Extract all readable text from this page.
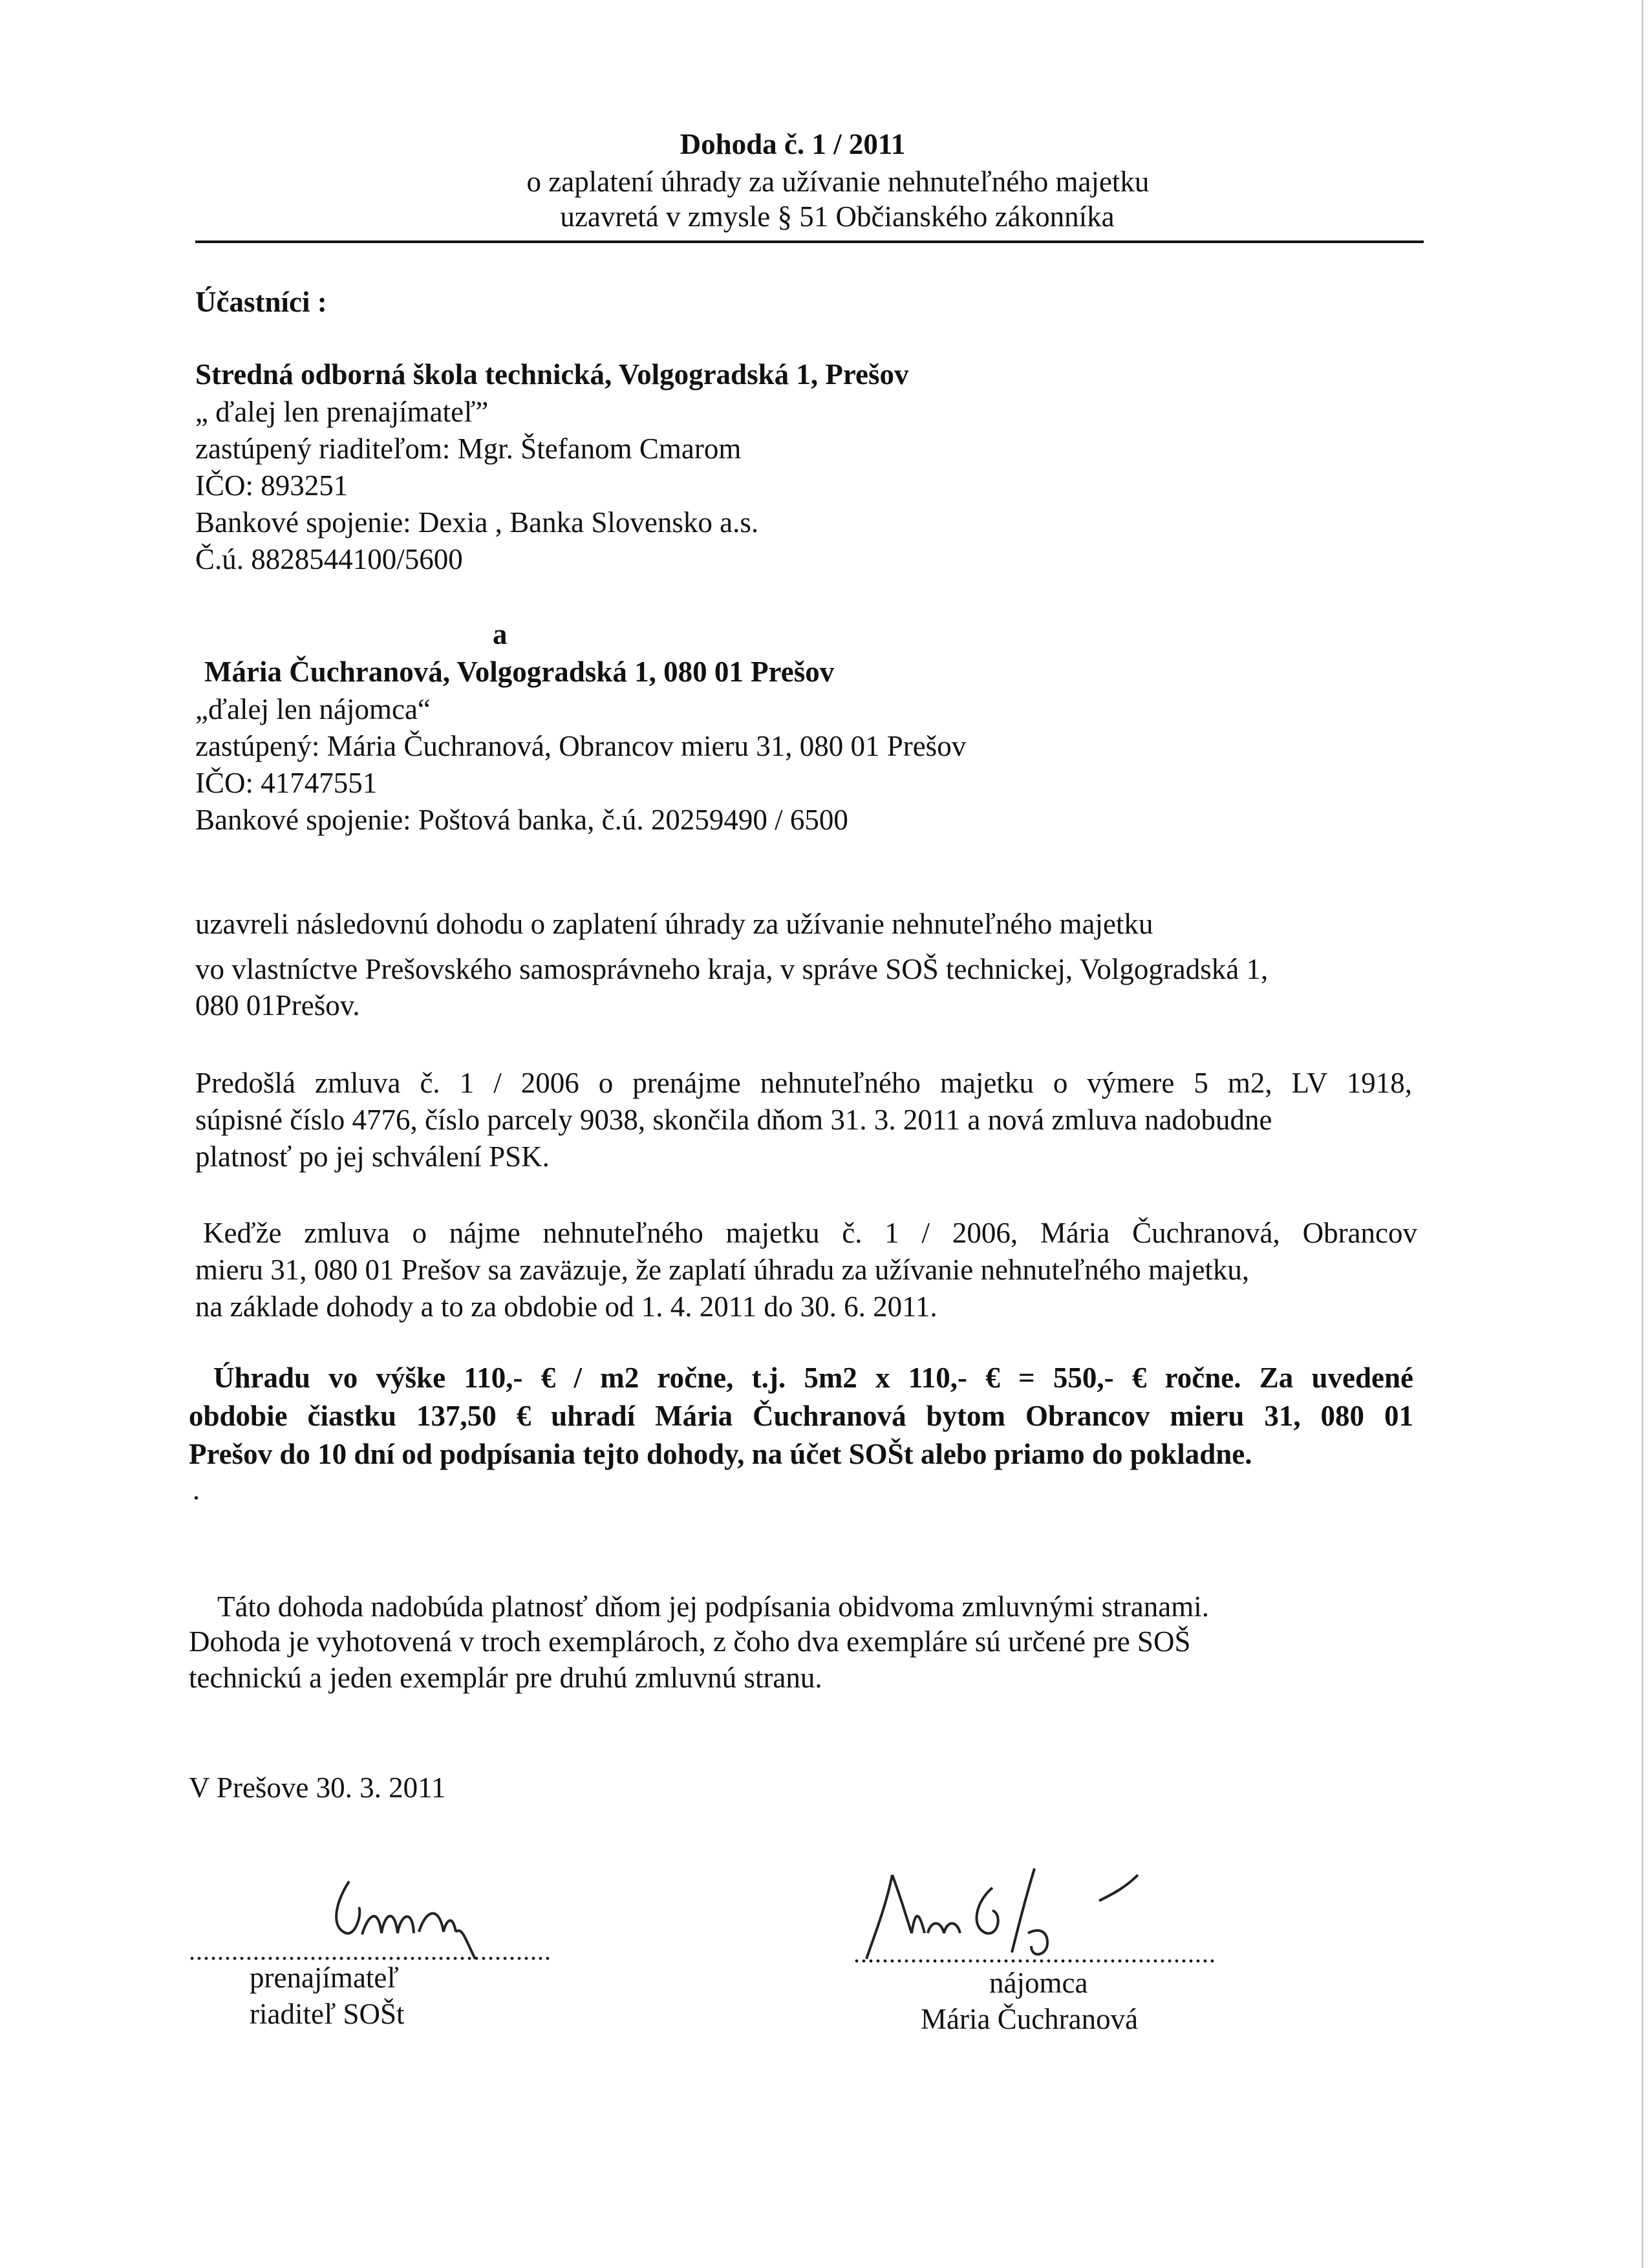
Dohoda č. 1 / 2011
o zaplatení úhrady za užívanie nehnuteľného majetku
uzavretá v zmysle § 51 Občianského zákonníka
Účastníci :
Stredná odborná škola technická, Volgogradská 1, Prešov
„ ďalej len prenajímateľ”
zastúpený riaditeľom: Mgr. Štefanom Cmarom
IČO: 893251
Bankové spojenie: Dexia , Banka Slovensko a.s.
Č.ú. 8828544100/5600
a
Mária Čuchranová, Volgogradská 1, 080 01 Prešov
„ďalej len nájomca“
zastúpený: Mária Čuchranová, Obrancov mieru 31, 080 01 Prešov
IČO: 41747551
Bankové spojenie: Poštová banka, č.ú. 20259490 / 6500
uzavreli následovnú dohodu o zaplatení úhrady za užívanie nehnuteľného majetku
vo vlastníctve Prešovského samosprávneho kraja, v správe SOŠ technickej, Volgogradská 1,
080 01Prešov.
Predošlá zmluva č. 1 / 2006 o prenájme nehnuteľného majetku o výmere 5 m2, LV 1918,
súpisné číslo 4776, číslo parcely 9038, skončila dňom 31. 3. 2011 a nová zmluva nadobudne
platnosť po jej schválení PSK.
Keďže zmluva o nájme nehnuteľného majetku č. 1 / 2006, Mária Čuchranová, Obrancov
mieru 31, 080 01 Prešov sa zaväzuje, že zaplatí úhradu za užívanie nehnuteľného majetku,
na základe dohody a to za obdobie od 1. 4. 2011 do 30. 6. 2011.
Úhradu vo výške 110,- € / m2 ročne, t.j. 5m2 x 110,- € = 550,- € ročne. Za uvedené
obdobie čiastku 137,50 € uhradí Mária Čuchranová bytom Obrancov mieru 31, 080 01
Prešov do 10 dní od podpísania tejto dohody, na účet SOŠt alebo priamo do pokladne.
·
Táto dohoda nadobúda platnosť dňom jej podpísania obidvoma zmluvnými stranami.
Dohoda je vyhotovená v troch exemplároch, z čoho dva exempláre sú určené pre SOŠ
technickú a jeden exemplár pre druhú zmluvnú stranu.
V Prešove 30. 3. 2011
...................................................
prenajímateľ
riaditeľ SOŠt
...................................................
nájomca
Mária Čuchranová
